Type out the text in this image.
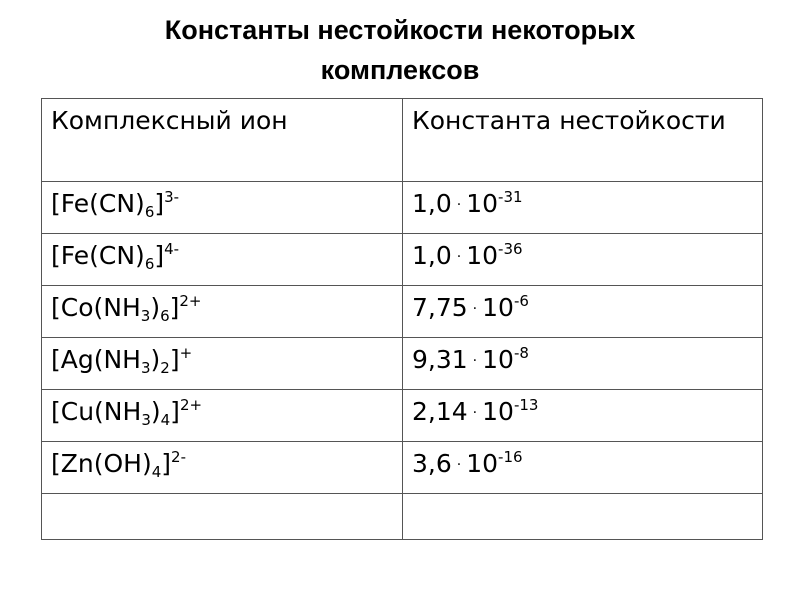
Константы нестойкости некоторых
комплексов
Комплексный ион	Константа нестойкости
$[Fe(CN)_6]^{3-}$	$1,0 \cdot 10^{-31}$
$[Fe(CN)_6]^{4-}$	$1,0 \cdot 10^{-36}$
$[Co(NH_3)_6]^{2+}$	$7,75 \cdot 10^{-6}$
$[Ag(NH_3)_2]^+$	$9,31 \cdot 10^{-8}$
$[Cu(NH_3)_4]^{2+}$	$2,14 \cdot 10^{-13}$
$[Zn(OH)_4]^{2-}$	$3,6 \cdot 10^{-16}$
